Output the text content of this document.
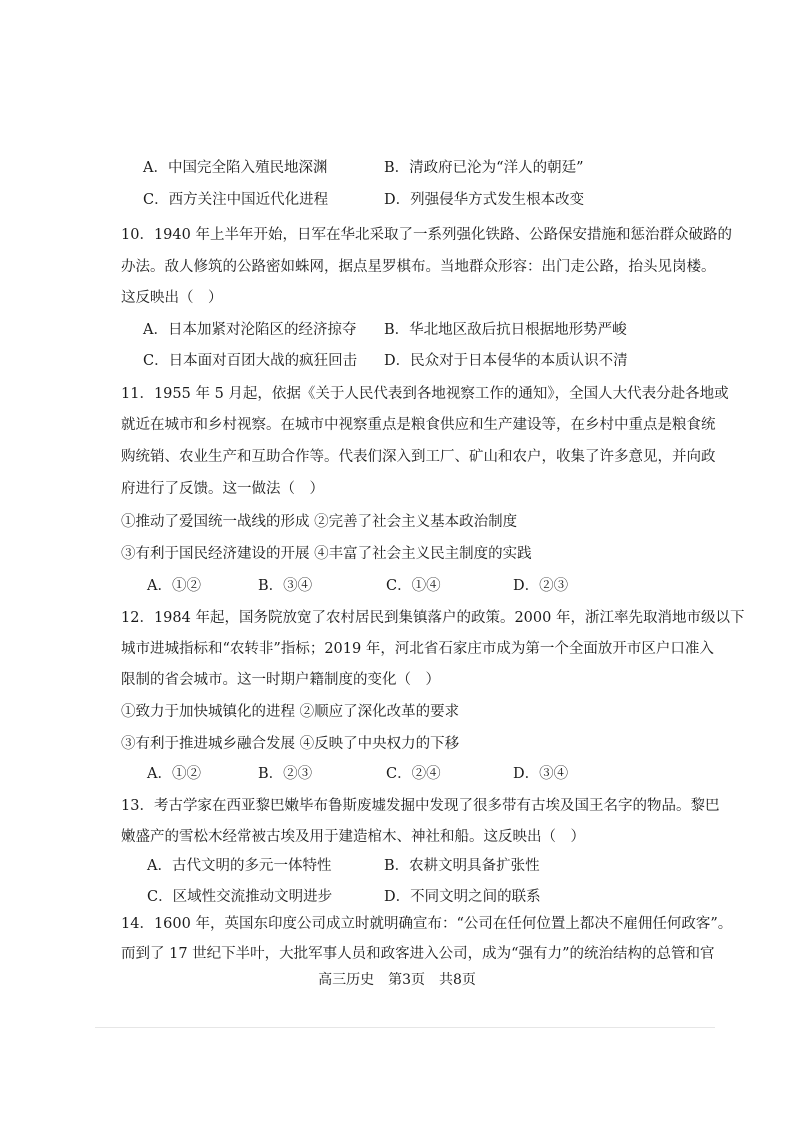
A．中国完全陷入殖民地深渊	B．清政府已沦为“洋人的朝廷”
C．西方关注中国近代化进程	D．列强侵华方式发生根本改变
10．1940 年上半年开始，日军在华北采取了一系列强化铁路、公路保安措施和惩治群众破路的
办法。敌人修筑的公路密如蛛网，据点星罗棋布。当地群众形容：出门走公路，抬头见岗楼。
这反映出（　）
A．日本加紧对沦陷区的经济掠夺 B．华北地区敌后抗日根据地形势严峻
C．日本面对百团大战的疯狂回击 D．民众对于日本侵华的本质认识不清
11．1955 年 5 月起，依据《关于人民代表到各地视察工作的通知》，全国人大代表分赴各地或
就近在城市和乡村视察。在城市中视察重点是粮食供应和生产建设等，在乡村中重点是粮食统
购统销、农业生产和互助合作等。代表们深入到工厂、矿山和农户，收集了许多意见，并向政
府进行了反馈。这一做法（　）
①推动了爱国统一战线的形成 ②完善了社会主义基本政治制度
③有利于国民经济建设的开展 ④丰富了社会主义民主制度的实践
A．①②	B．③④	C．①④	D．②③
12．1984 年起，国务院放宽了农村居民到集镇落户的政策。2000 年，浙江率先取消地市级以下
城市进城指标和“农转非”指标；2019 年，河北省石家庄市成为第一个全面放开市区户口准入
限制的省会城市。这一时期户籍制度的变化（　）
①致力于加快城镇化的进程 ②顺应了深化改革的要求
③有利于推进城乡融合发展 ④反映了中央权力的下移
A．①②	B．②③	C．②④	D．③④
13．考古学家在西亚黎巴嫩毕布鲁斯废墟发掘中发现了很多带有古埃及国王名字的物品。黎巴
嫩盛产的雪松木经常被古埃及用于建造棺木、神社和船。这反映出（　）
A．古代文明的多元一体特性	B．农耕文明具备扩张性
C．区域性交流推动文明进步	D．不同文明之间的联系
14．1600 年，英国东印度公司成立时就明确宣布：“公司在任何位置上都决不雇佣任何政客”。
而到了 17 世纪下半叶，大批军事人员和政客进入公司，成为“强有力”的统治结构的总管和官
高三历史　第3页　共8页
